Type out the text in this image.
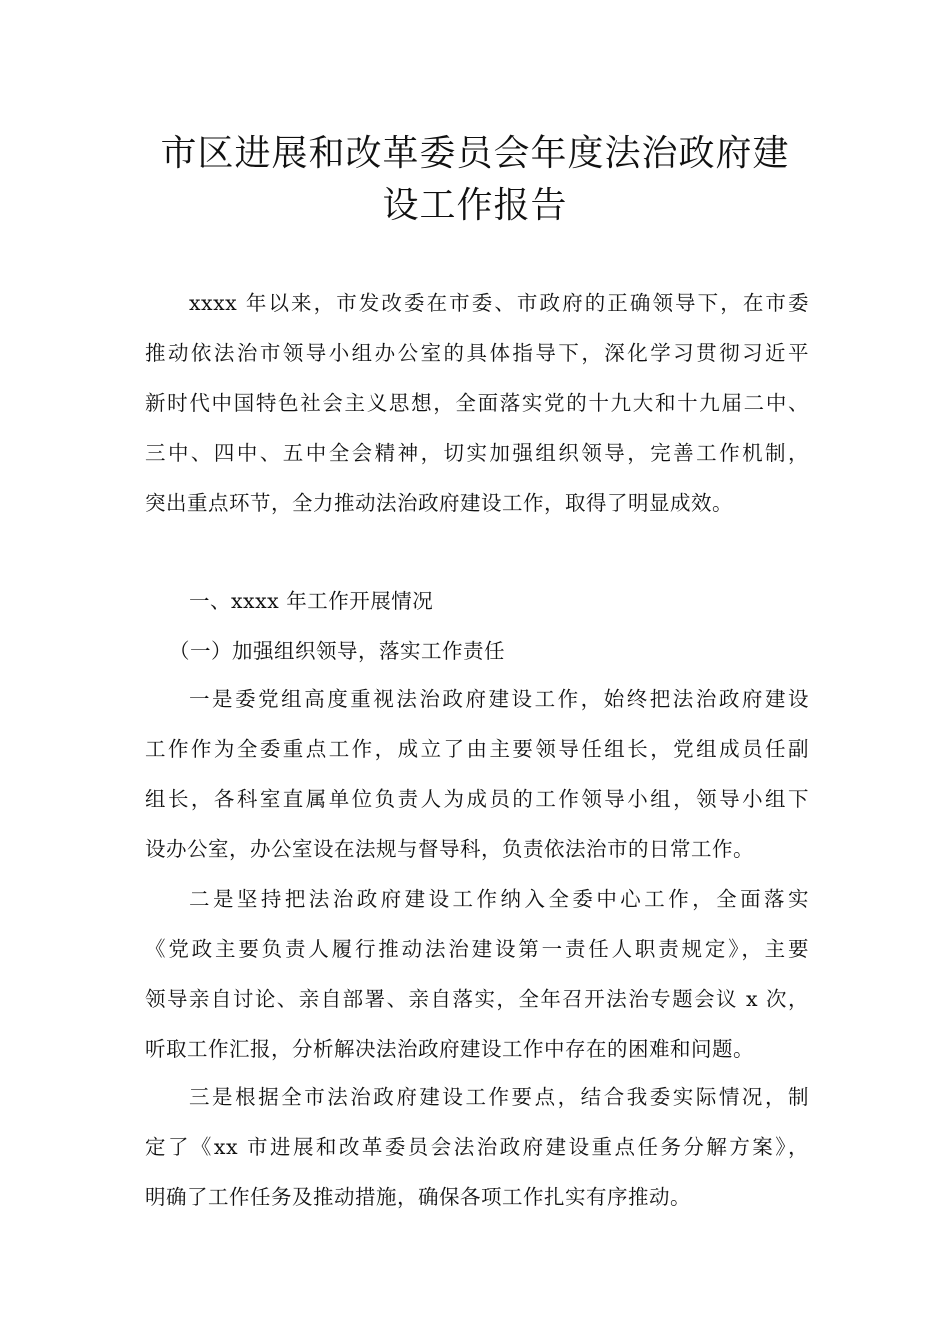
市区进展和改革委员会年度法治政府建
设工作报告
xxxx 年以来，市发改委在市委、市政府的正确领导下，在市委
推动依法治市领导小组办公室的具体指导下，深化学习贯彻习近平
新时代中国特色社会主义思想，全面落实党的十九大和十九届二中、
三中、四中、五中全会精神，切实加强组织领导，完善工作机制，
突出重点环节，全力推动法治政府建设工作，取得了明显成效。
一、xxxx 年工作开展情况
（一）加强组织领导，落实工作责任
一是委党组高度重视法治政府建设工作，始终把法治政府建设
工作作为全委重点工作，成立了由主要领导任组长，党组成员任副
组长，各科室直属单位负责人为成员的工作领导小组，领导小组下
设办公室，办公室设在法规与督导科，负责依法治市的日常工作。
二是坚持把法治政府建设工作纳入全委中心工作，全面落实
《党政主要负责人履行推动法治建设第一责任人职责规定》，主要
领导亲自讨论、亲自部署、亲自落实，全年召开法治专题会议 x 次，
听取工作汇报，分析解决法治政府建设工作中存在的困难和问题。
三是根据全市法治政府建设工作要点，结合我委实际情况，制
定了《xx 市进展和改革委员会法治政府建设重点任务分解方案》，
明确了工作任务及推动措施，确保各项工作扎实有序推动。
